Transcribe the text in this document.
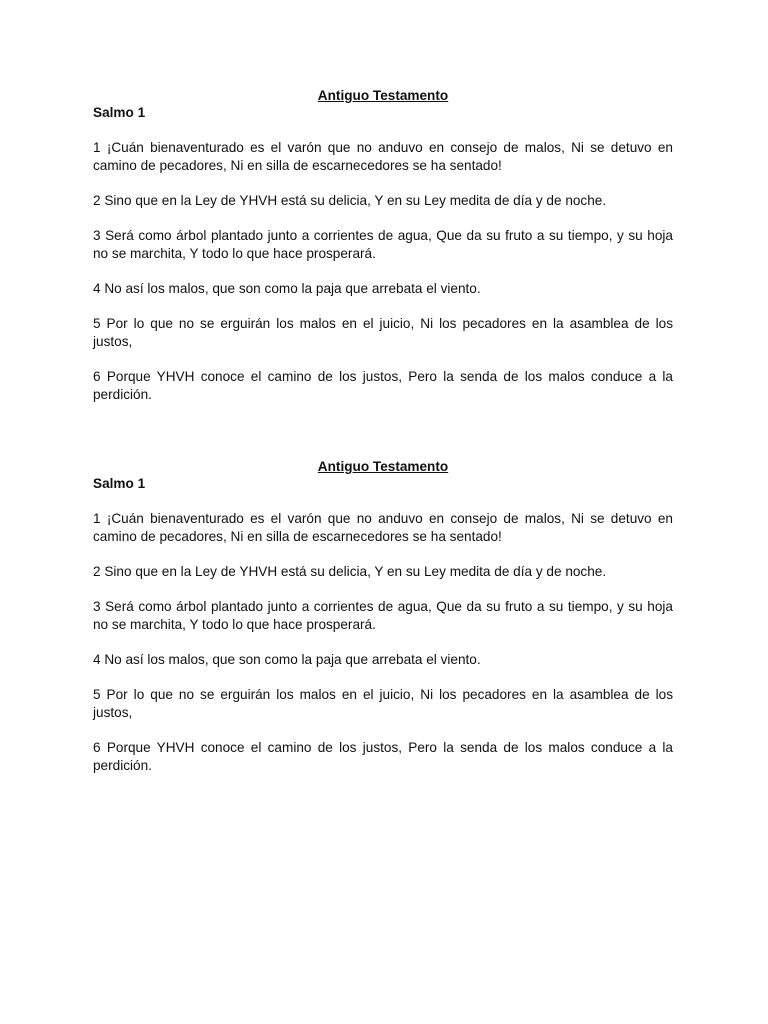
Antiguo Testamento

Salmo 1

1 ¡Cuán bienaventurado es el varón que no anduvo en consejo de malos, Ni se detuvo en camino de pecadores, Ni en silla de escarnecedores se ha sentado!

2 Sino que en la Ley de YHVH está su delicia, Y en su Ley medita de día y de noche.

3 Será como árbol plantado junto a corrientes de agua, Que da su fruto a su tiempo, y su hoja no se marchita, Y todo lo que hace prosperará.

4 No así los malos, que son como la paja que arrebata el viento.

5 Por lo que no se erguirán los malos en el juicio, Ni los pecadores en la asamblea de los justos,

6 Porque YHVH conoce el camino de los justos, Pero la senda de los malos conduce a la perdición.

Antiguo Testamento

Salmo 1

1 ¡Cuán bienaventurado es el varón que no anduvo en consejo de malos, Ni se detuvo en camino de pecadores, Ni en silla de escarnecedores se ha sentado!

2 Sino que en la Ley de YHVH está su delicia, Y en su Ley medita de día y de noche.

3 Será como árbol plantado junto a corrientes de agua, Que da su fruto a su tiempo, y su hoja no se marchita, Y todo lo que hace prosperará.

4 No así los malos, que son como la paja que arrebata el viento.

5 Por lo que no se erguirán los malos en el juicio, Ni los pecadores en la asamblea de los justos,

6 Porque YHVH conoce el camino de los justos, Pero la senda de los malos conduce a la perdición.
